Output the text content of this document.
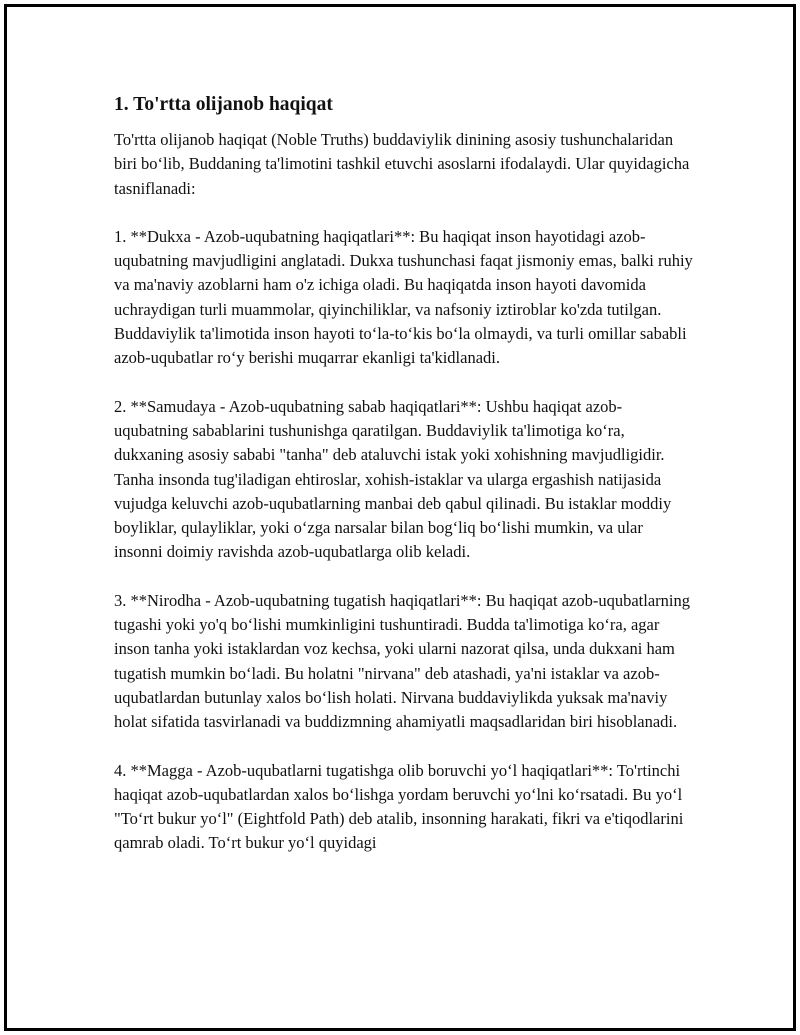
1. To'rtta olijanob haqiqat

To'rtta olijanob haqiqat (Noble Truths) buddaviylik dinining asosiy tushunchalaridan biri boʻlib, Buddaning ta'limotini tashkil etuvchi asoslarni ifodalaydi. Ular quyidagicha tasniflanadi:

1. **Dukxa - Azob-uqubatning haqiqatlari**: Bu haqiqat inson hayotidagi azob-uqubatning mavjudligini anglatadi. Dukxa tushunchasi faqat jismoniy emas, balki ruhiy va ma'naviy azoblarni ham o'z ichiga oladi. Bu haqiqatda inson hayoti davomida uchraydigan turli muammolar, qiyinchiliklar, va nafsoniy iztiroblar ko'zda tutilgan. Buddaviylik ta'limotida inson hayoti toʻla-toʻkis boʻla olmaydi, va turli omillar sababli azob-uqubatlar roʻy berishi muqarrar ekanligi ta'kidlanadi.

2. **Samudaya - Azob-uqubatning sabab haqiqatlari**: Ushbu haqiqat azob-uqubatning sabablarini tushunishga qaratilgan. Buddaviylik ta'limotiga koʻra, dukxaning asosiy sababi "tanha" deb ataluvchi istak yoki xohishning mavjudligidir. Tanha insonda tug'iladigan ehtiroslar, xohish-istaklar va ularga ergashish natijasida vujudga keluvchi azob-uqubatlarning manbai deb qabul qilinadi. Bu istaklar moddiy boyliklar, qulayliklar, yoki oʻzga narsalar bilan bogʻliq boʻlishi mumkin, va ular insonni doimiy ravishda azob-uqubatlarga olib keladi.

3. **Nirodha - Azob-uqubatning tugatish haqiqatlari**: Bu haqiqat azob-uqubatlarning tugashi yoki yo'q boʻlishi mumkinligini tushuntiradi. Budda ta'limotiga koʻra, agar inson tanha yoki istaklardan voz kechsa, yoki ularni nazorat qilsa, unda dukxani ham tugatish mumkin boʻladi. Bu holatni "nirvana" deb atashadi, ya'ni istaklar va azob-uqubatlardan butunlay xalos boʻlish holati. Nirvana buddaviylikda yuksak ma'naviy holat sifatida tasvirlanadi va buddizmning ahamiyatli maqsadlaridan biri hisoblanadi.

4. **Magga - Azob-uqubatlarni tugatishga olib boruvchi yoʻl haqiqatlari**: To'rtinchi haqiqat azob-uqubatlardan xalos boʻlishga yordam beruvchi yoʻlni koʻrsatadi. Bu yoʻl "Toʻrt bukur yoʻl" (Eightfold Path) deb atalib, insonning harakati, fikri va e'tiqodlarini qamrab oladi. Toʻrt bukur yoʻl quyidagi
